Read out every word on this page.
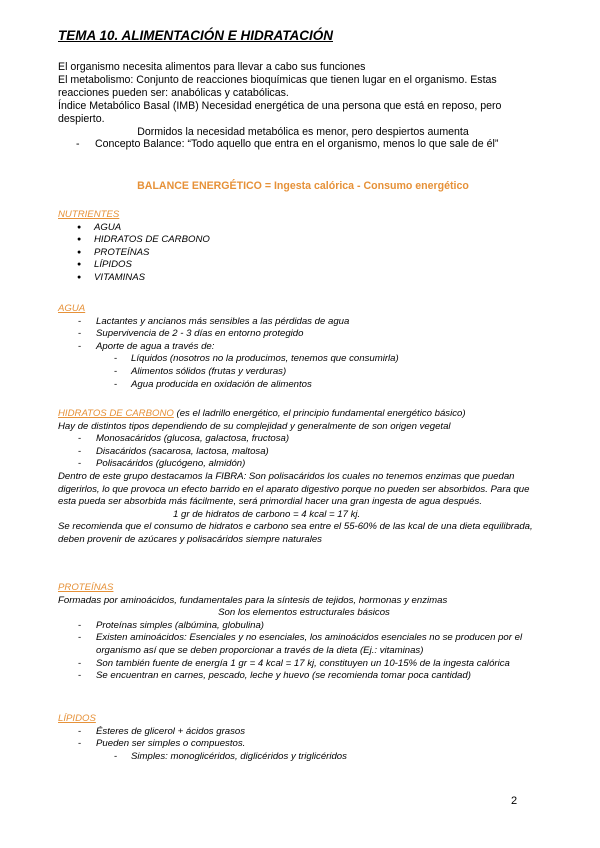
TEMA 10. ALIMENTACIÓN E HIDRATACIÓN

El organismo necesita alimentos para llevar a cabo sus funciones

El metabolismo: Conjunto de reacciones bioquímicas que tienen lugar en el organismo. Estas reacciones pueden ser: anabólicas y catabólicas.

Índice Metabólico Basal (IMB) Necesidad energética de una persona que está en reposo, pero despierto.

Dormidos la necesidad metabólica es menor, pero despiertos aumenta

- Concepto Balance: “Todo aquello que entra en el organismo, menos lo que sale de él”
BALANCE ENERGÉTICO = Ingesta calórica - Consumo energético

NUTRIENTES

● AGUA
● HIDRATOS DE CARBONO
● PROTEÍNAS
● LÍPIDOS
● VITAMINAS

AGUA

- Lactantes y ancianos más sensibles a las pérdidas de agua
- Supervivencia de 2 - 3 días en entorno protegido
- Aporte de agua a través de:
- Líquidos (nosotros no la producimos, tenemos que consumirla)
- Alimentos sólidos (frutas y verduras)
- Agua producida en oxidación de alimentos

HIDRATOS DE CARBONO (es el ladrillo energético, el principio fundamental energético básico)

Hay de distintos tipos dependiendo de su complejidad y generalmente de son origen vegetal

- Monosacáridos (glucosa, galactosa, fructosa)
- Disacáridos (sacarosa, lactosa, maltosa)
- Polisacáridos (glucógeno, almidón)

Dentro de este grupo destacamos la FIBRA: Son polisacáridos los cuales no tenemos enzimas que puedan digerirlos, lo que provoca un efecto barrido en el aparato digestivo porque no pueden ser absorbidos. Para que esta pueda ser absorbida más fácilmente, será primordial hacer una gran ingesta de agua después.

1 gr de hidratos de carbono = 4 kcal = 17 kj.

Se recomienda que el consumo de hidratos e carbono sea entre el 55-60% de las kcal de una dieta equilibrada, deben provenir de azúcares y polisacáridos siempre naturales

PROTEÍNAS

Formadas por aminoácidos, fundamentales para la síntesis de tejidos, hormonas y enzimas

Son los elementos estructurales básicos

- Proteínas simples (albúmina, globulina)
- Existen aminoácidos: Esenciales y no esenciales, los aminoácidos esenciales no se producen por el organismo así que se deben proporcionar a través de la dieta (Ej.: vitaminas)
- Son también fuente de energía 1 gr = 4 kcal = 17 kj, constituyen un 10-15% de la ingesta calórica
- Se encuentran en carnes, pescado, leche y huevo (se recomienda tomar poca cantidad)

LÍPIDOS

- Ésteres de glicerol + ácidos grasos
- Pueden ser simples o compuestos.
- Simples: monoglicéridos, diglicéridos y triglicéridos
2
